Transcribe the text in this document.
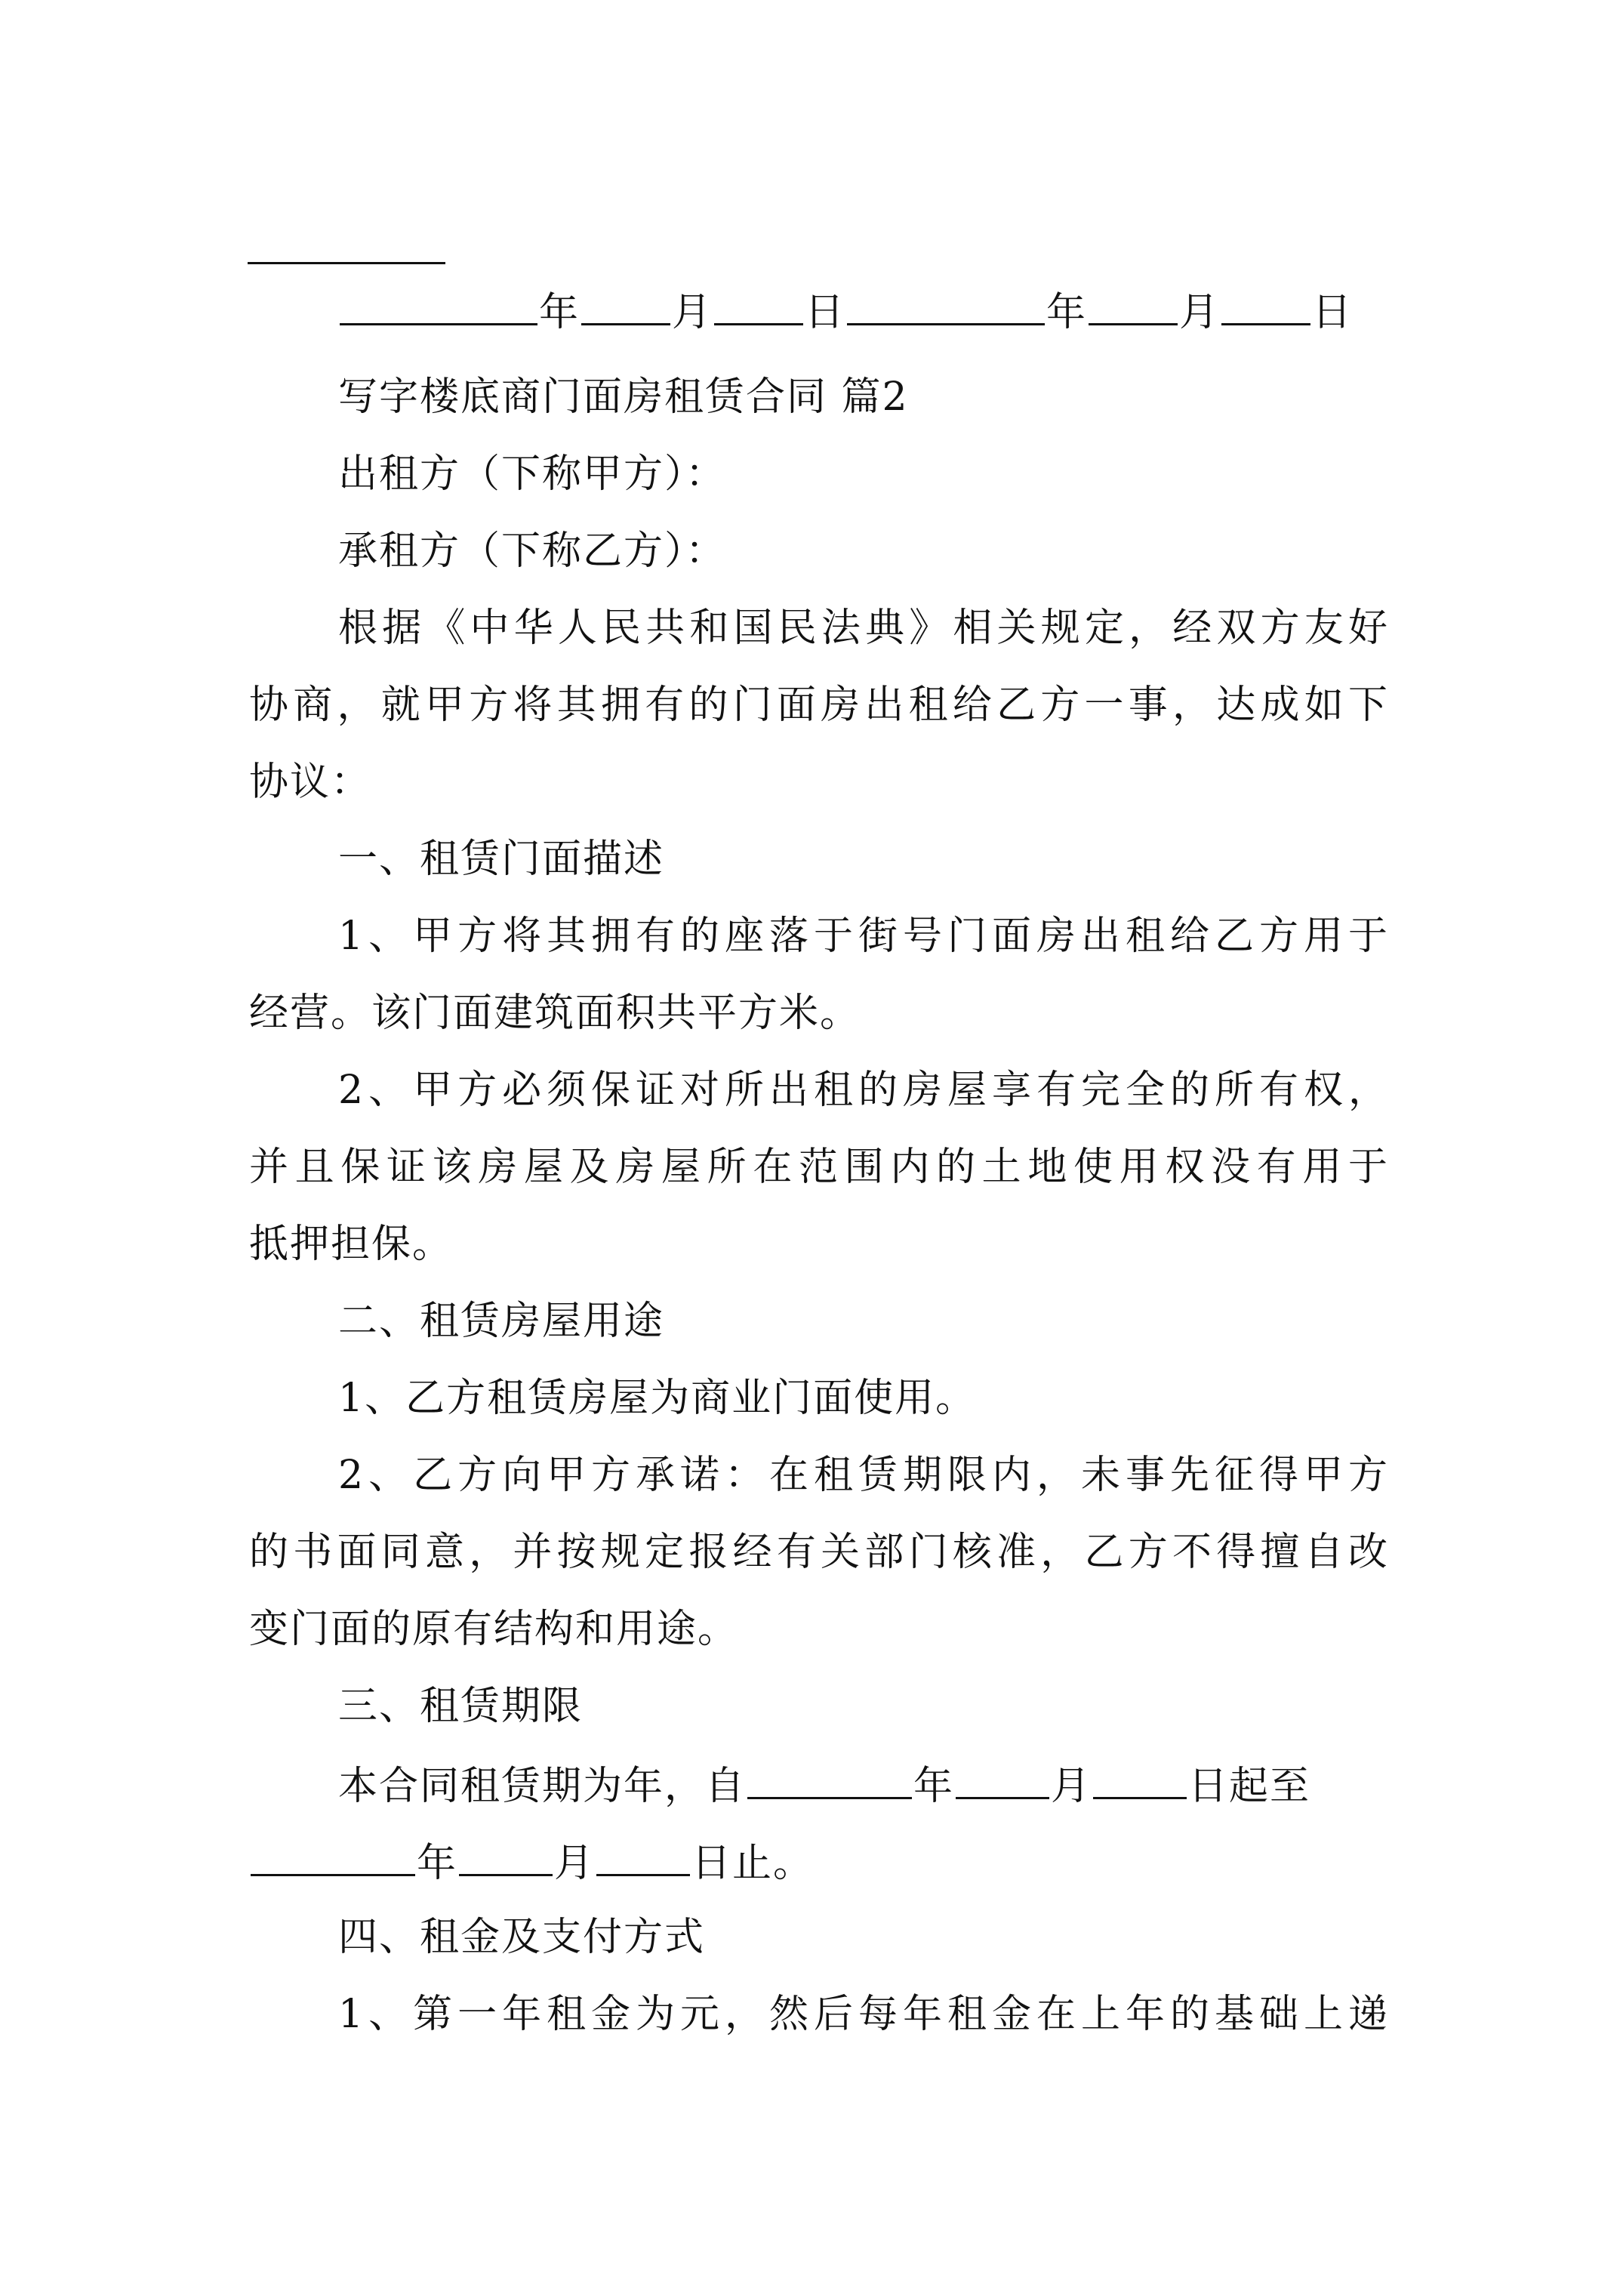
年 月 日	年 月 日
写字楼底商门面房租赁合同 篇2
出租方（下称甲方）：
承租方（下称乙方）：
根据《中华人民共和国民法典》相关规定，经双方友好
协商，就甲方将其拥有的门面房出租给乙方一事，达成如下
协议：
一、租赁门面描述
1、甲方将其拥有的座落于街号门面房出租给乙方用于
经营。该门面建筑面积共平方米。
2、甲方必须保证对所出租的房屋享有完全的所有权，
并且保证该房屋及房屋所在范围内的土地使用权没有用于
抵押担保。
二、租赁房屋用途
1、乙方租赁房屋为商业门面使用。
2、乙方向甲方承诺：在租赁期限内，未事先征得甲方
的书面同意，并按规定报经有关部门核准，乙方不得擅自改
变门面的原有结构和用途。
三、租赁期限
本合同租赁期为年，自	年 月 日起至
年 月 日止。
四、租金及支付方式
1、第一年租金为元，然后每年租金在上年的基础上递
